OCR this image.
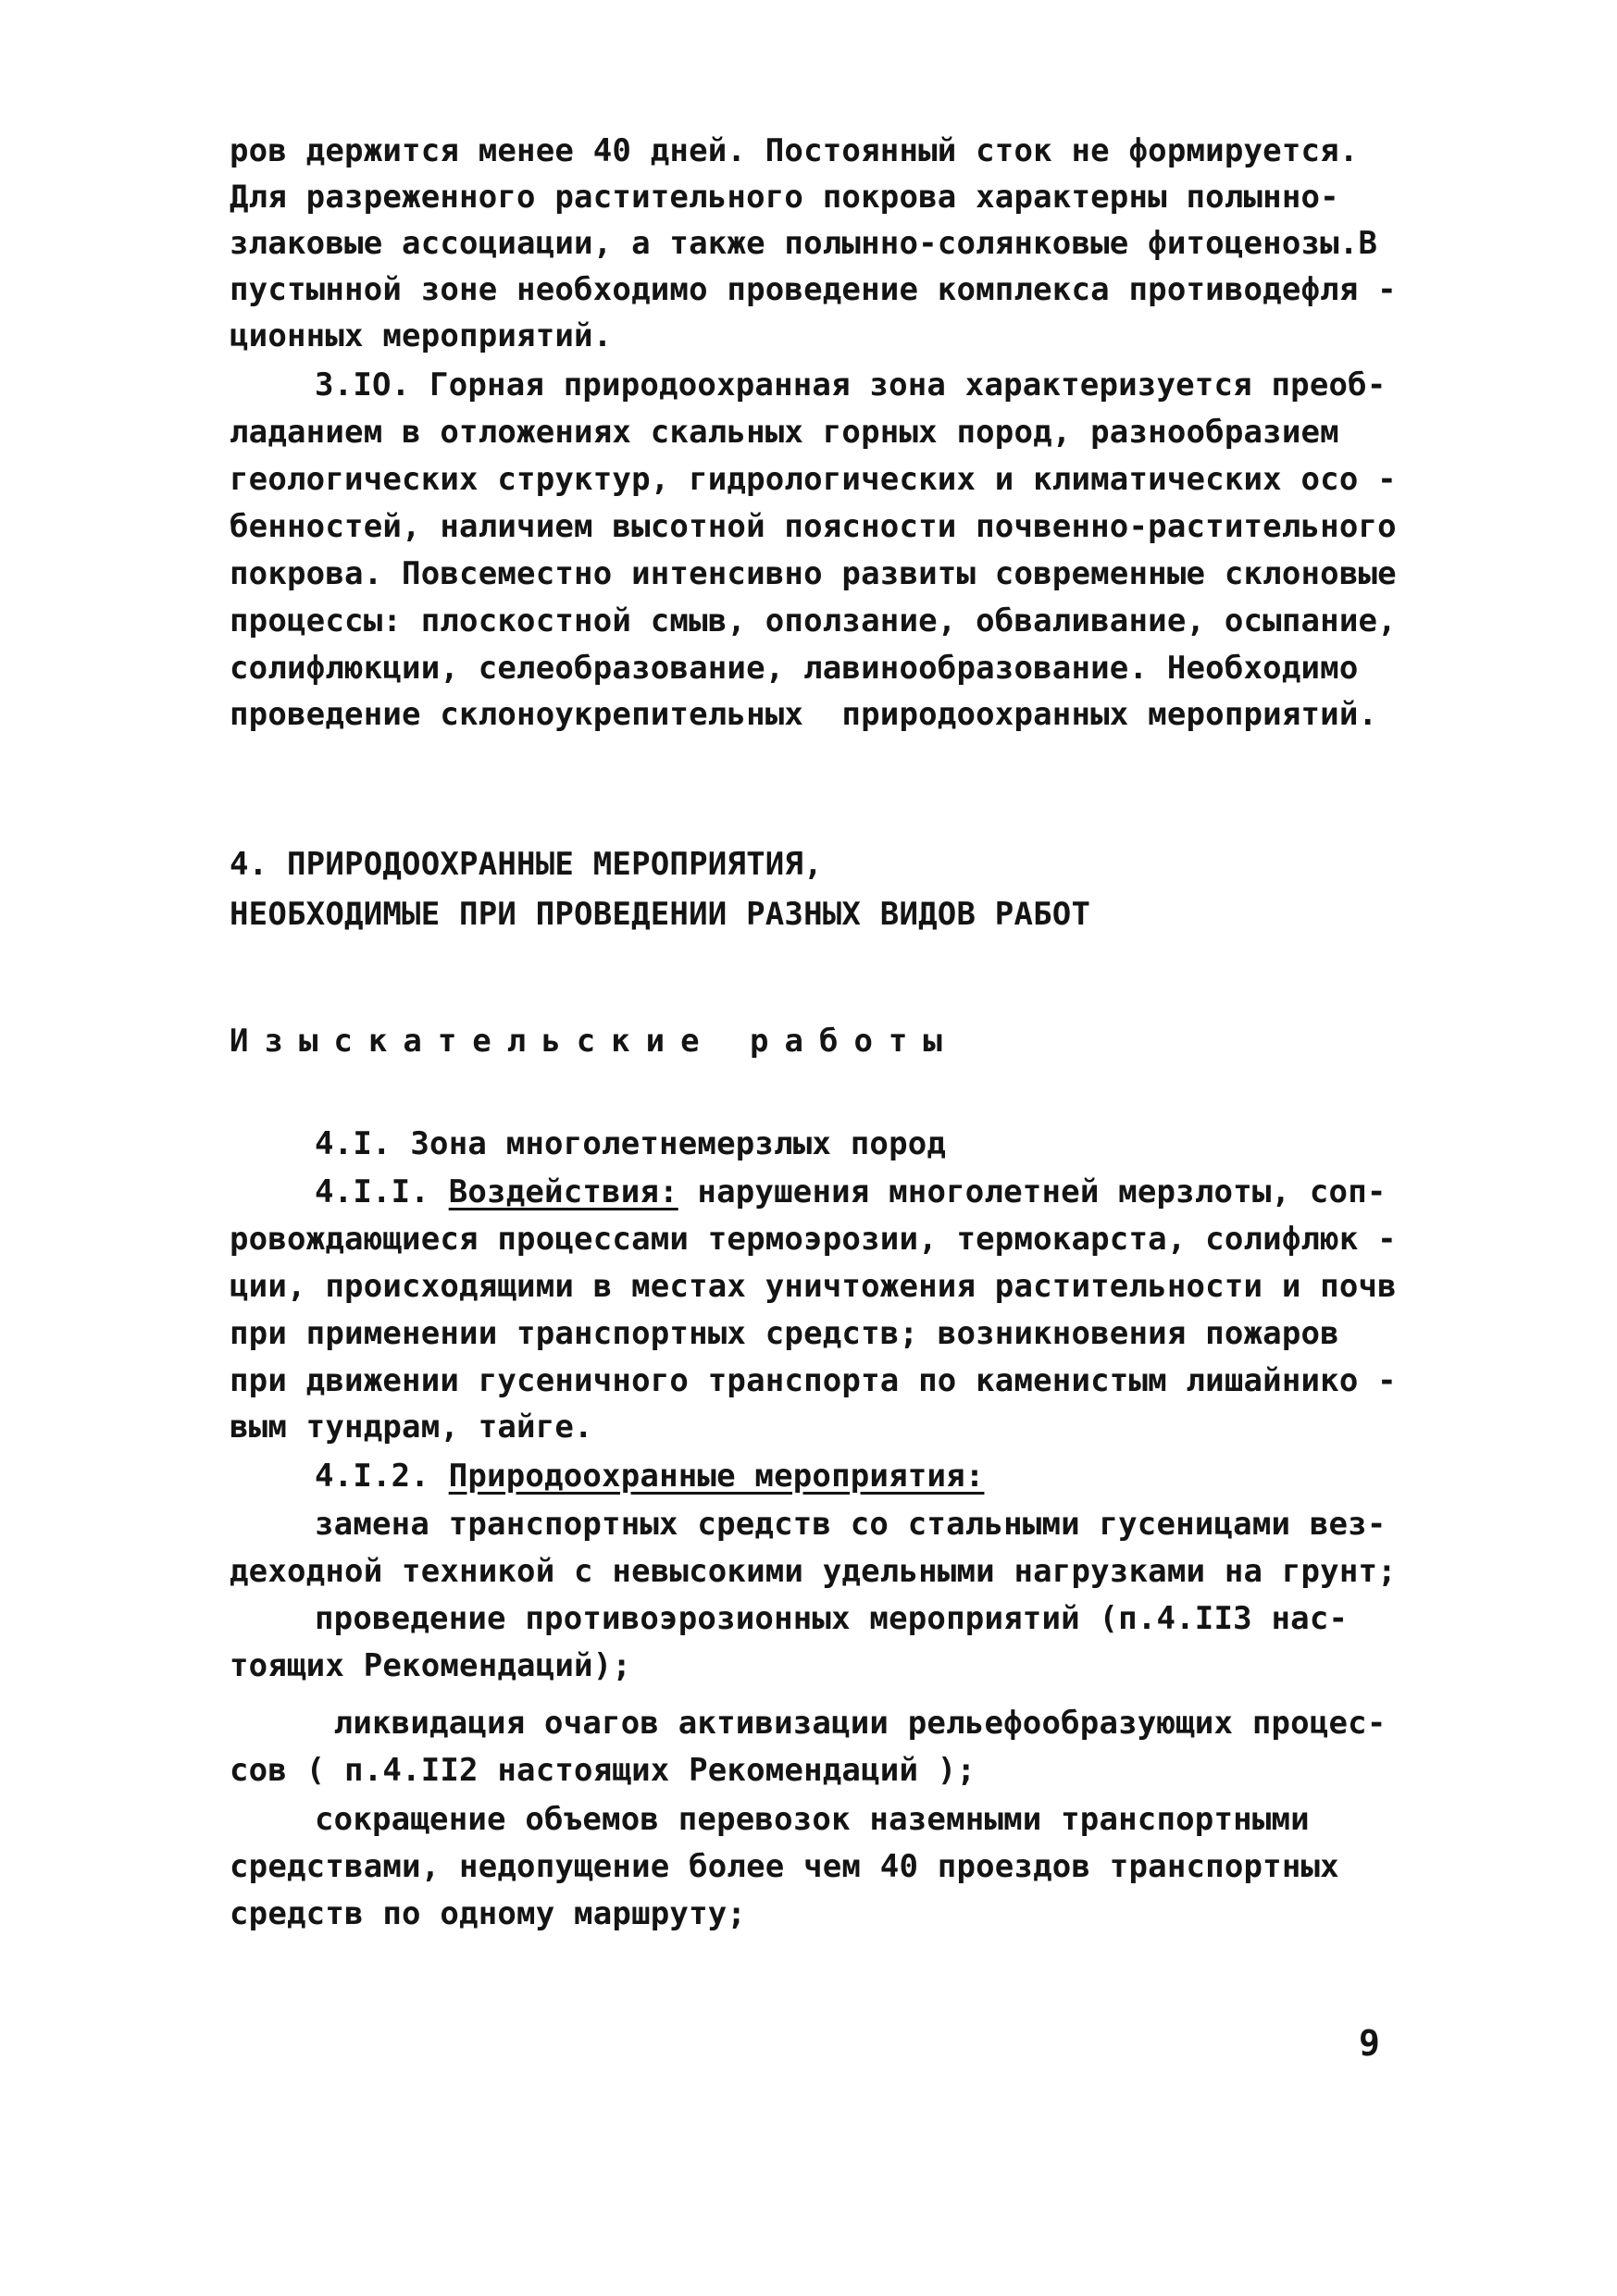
ров держится менее 40 дней. Постоянный сток не формируется.
Для разреженного растительного покрова характерны полынно-
злаковые ассоциации, а также полынно-солянковые фитоценозы.В
пустынной зоне необходимо проведение комплекса противодефля -
ционных мероприятий.
3.IO. Горная природоохранная зона характеризуется преоб-
ладанием в отложениях скальных горных пород, разнообразием
геологических структур, гидрологических и климатических осо -
бенностей, наличием высотной поясности почвенно-растительного
покрова. Повсеместно интенсивно развиты современные склоновые
процессы: плоскостной смыв, оползание, обваливание, осыпание,
солифлюкции, селеобразование, лавинообразование. Необходимо
проведение склоноукрепительных  природоохранных мероприятий.
4. ПРИРОДООХРАННЫЕ МЕРОПРИЯТИЯ,
НЕОБХОДИМЫЕ ПРИ ПРОВЕДЕНИИ РАЗНЫХ ВИДОВ РАБОТ
Изыскательские работы
4.I. Зона многолетнемерзлых пород
4.I.I. Воздействия: нарушения многолетней мерзлоты, соп-
ровождающиеся процессами термоэрозии, термокарста, солифлюк -
ции, происходящими в местах уничтожения растительности и почв
при применении транспортных средств; возникновения пожаров
при движении гусеничного транспорта по каменистым лишайнико -
вым тундрам, тайге.
4.I.2. Природоохранные мероприятия:
замена транспортных средств со стальными гусеницами вез-
деходной техникой с невысокими удельными нагрузками на грунт;
проведение противоэрозионных мероприятий (п.4.II3 нас-
тоящих Рекомендаций);
ликвидация очагов активизации рельефообразующих процес-
сов ( п.4.II2 настоящих Рекомендаций );
сокращение объемов перевозок наземными транспортными
средствами, недопущение более чем 40 проездов транспортных
средств по одному маршруту;
9
